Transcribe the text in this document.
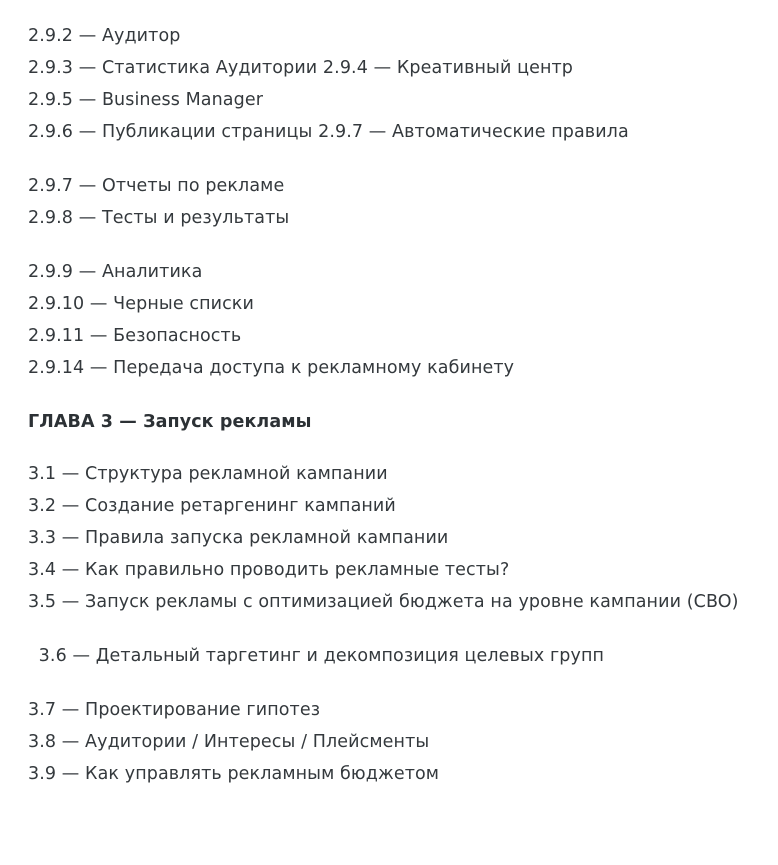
2.9.2 — Аудитор
2.9.3 — Статистика Аудитории 2.9.4 — Креативный центр
2.9.5 — Business Manager
2.9.6 — Публикации страницы 2.9.7 — Автоматические правила
2.9.7 — Отчеты по рекламе
2.9.8 — Тесты и результаты
2.9.9 — Аналитика
2.9.10 — Черные списки
2.9.11 — Безопасность
2.9.14 — Передача доступа к рекламному кабинету
ГЛАВА 3 — Запуск рекламы
3.1 — Структура рекламной кампании
3.2 — Создание ретаргенинг кампаний
3.3 — Правила запуска рекламной кампании
3.4 — Как правильно проводить рекламные тесты?
3.5 — Запуск рекламы с оптимизацией бюджета на уровне кампании (CBO)
3.6 — Детальный таргетинг и декомпозиция целевых групп
3.7 — Проектирование гипотез
3.8 — Аудитории / Интересы / Плейсменты
3.9 — Как управлять рекламным бюджетом
